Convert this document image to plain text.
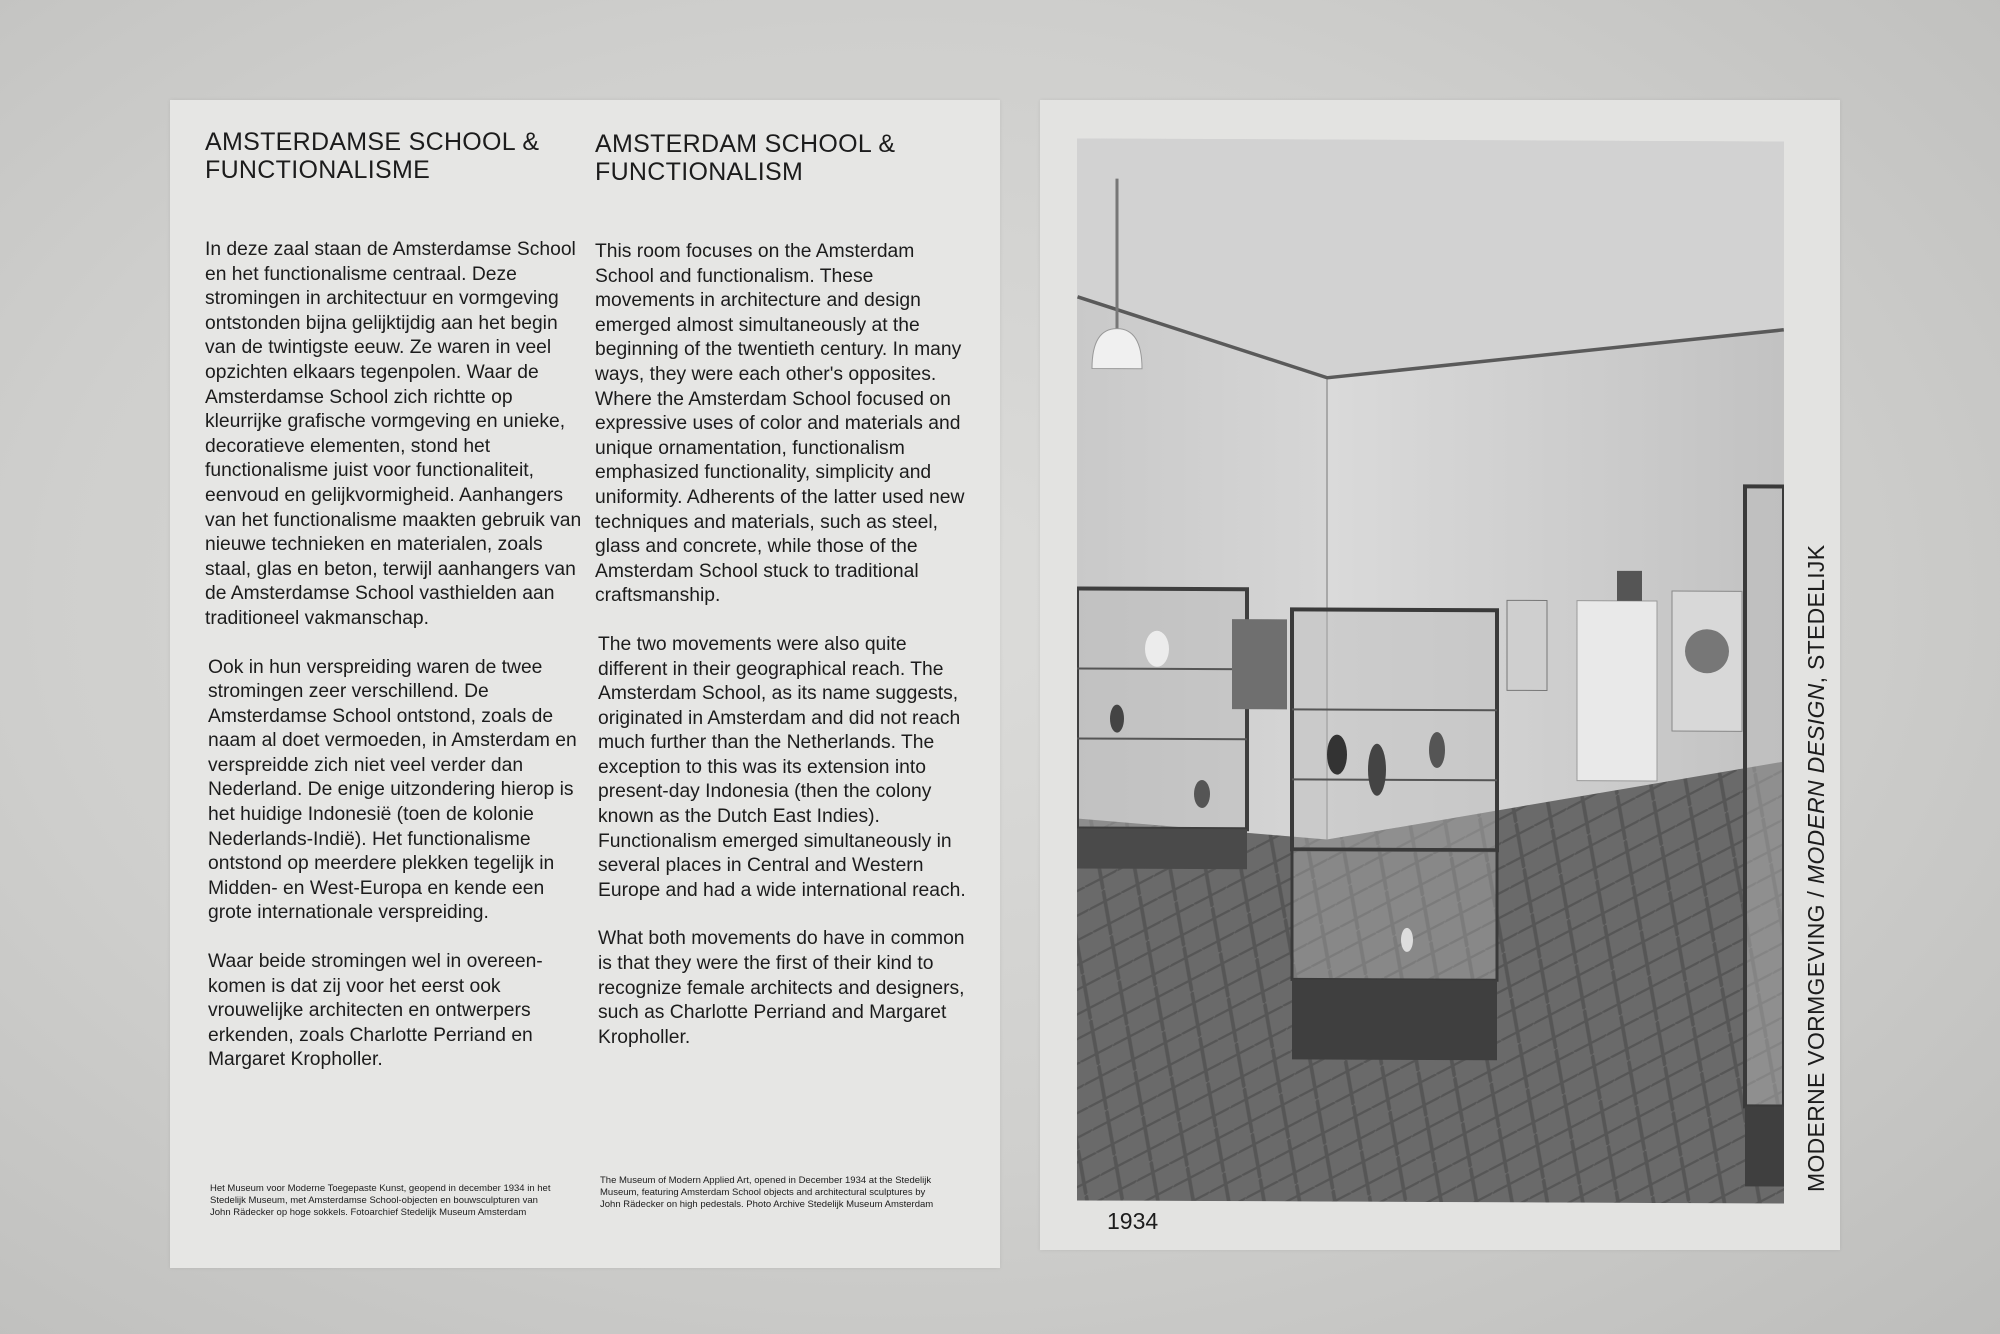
AMSTERDAMSE SCHOOL & FUNCTIONALISME

In deze zaal staan de Amsterdamse School en het functionalisme centraal. Deze stromingen in architectuur en vormgeving ontstonden bijna gelijktijdig aan het begin van de twintigste eeuw. Ze waren in veel opzichten elkaars tegenpolen. Waar de Amsterdamse School zich richtte op kleurrijke grafische vormgeving en unieke, decoratieve elementen, stond het functionalisme juist voor functionaliteit, eenvoud en gelijkvormigheid. Aanhangers van het functionalisme maakten gebruik van nieuwe technieken en materialen, zoals staal, glas en beton, terwijl aanhangers van de Amsterdamse School vasthielden aan traditioneel vakmanschap.

Ook in hun verspreiding waren de twee stromingen zeer verschillend. De Amsterdamse School ontstond, zoals de naam al doet vermoeden, in Amsterdam en verspreidde zich niet veel verder dan Nederland. De enige uitzondering hierop is het huidige Indonesië (toen de kolonie Nederlands-Indië). Het functionalisme ontstond op meerdere plekken tegelijk in Midden- en West-Europa en kende een grote internationale verspreiding.

Waar beide stromingen wel in overeen-komen is dat zij voor het eerst ook vrouwelijke architecten en ontwerpers erkenden, zoals Charlotte Perriand en Margaret Kropholler.

AMSTERDAM SCHOOL & FUNCTIONALISM

This room focuses on the Amsterdam School and functionalism. These movements in architecture and design emerged almost simultaneously at the beginning of the twentieth century. In many ways, they were each other's opposites. Where the Amsterdam School focused on expressive uses of color and materials and unique ornamentation, functionalism emphasized functionality, simplicity and uniformity. Adherents of the latter used new techniques and materials, such as steel, glass and concrete, while those of the Amsterdam School stuck to traditional craftsmanship.

The two movements were also quite different in their geographical reach. The Amsterdam School, as its name suggests, originated in Amsterdam and did not reach much further than the Netherlands. The exception to this was its extension into present-day Indonesia (then the colony known as the Dutch East Indies). Functionalism emerged simultaneously in several places in Central and Western Europe and had a wide international reach.

What both movements do have in common is that they were the first of their kind to recognize female architects and designers, such as Charlotte Perriand and Margaret Kropholler.

Het Museum voor Moderne Toegepaste Kunst, geopend in december 1934 in het Stedelijk Museum, met Amsterdamse School-objecten en bouwsculpturen van John Rädecker op hoge sokkels. Fotoarchief Stedelijk Museum Amsterdam
The Museum of Modern Applied Art, opened in December 1934 at the Stedelijk Museum, featuring Amsterdam School objects and architectural sculptures by John Rädecker on high pedestals. Photo Archive Stedelijk Museum Amsterdam
1934
MODERNE VORMGEVING / MODERN DESIGN, STEDELIJK
